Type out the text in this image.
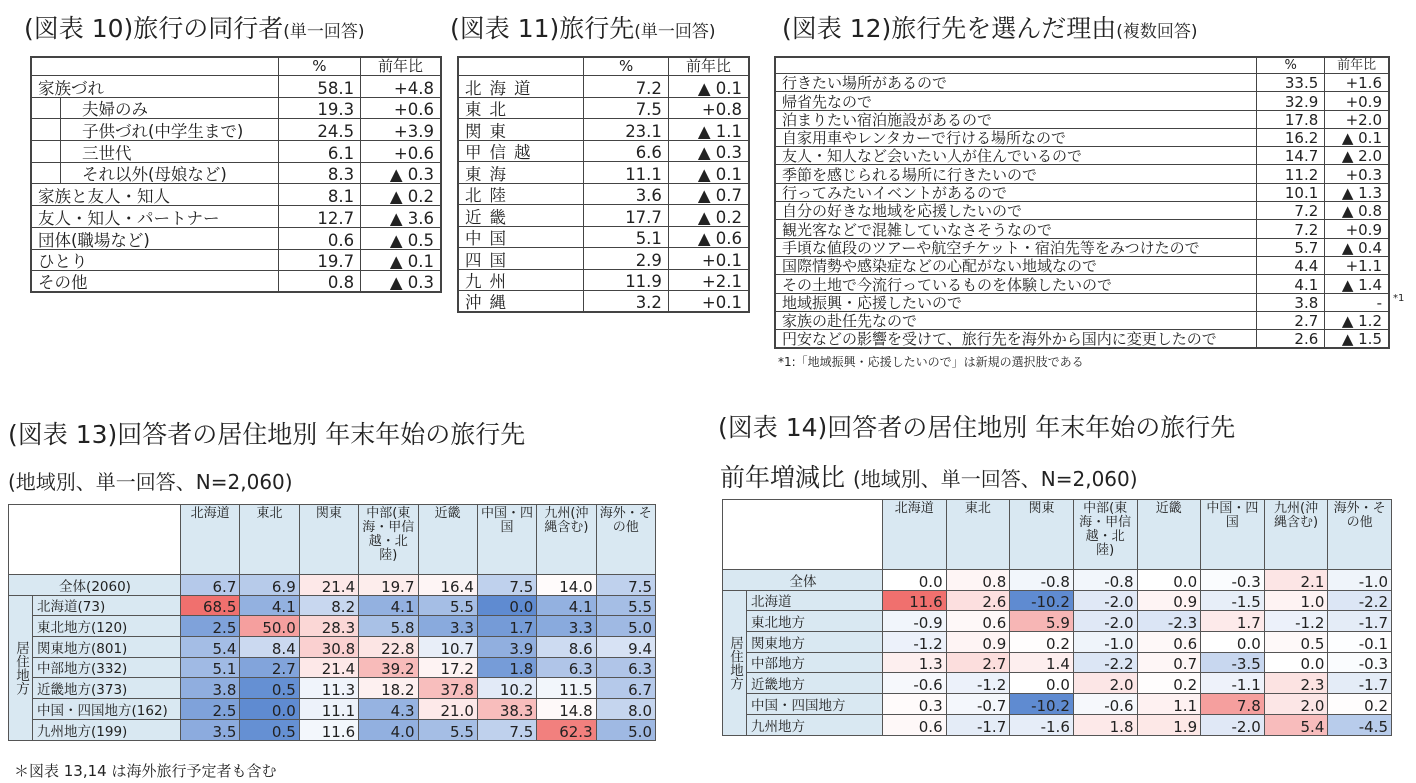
(図表 10)旅行の同行者(単一回答)	(図表 11)旅行先(単一回答)	(図表 12)旅行先を選んだ理由(複数回答)
	%	前年比
家族づれ	58.1	+4.8
夫婦のみ	19.3	+0.6
子供づれ(中学生まで)	24.5	+3.9
三世代	6.1	+0.6
それ以外(母娘など)	8.3	▲ 0.3
家族と友人・知人	8.1	▲ 0.2
友人・知人・パートナー	12.7	▲ 3.6
団体(職場など)	0.6	▲ 0.5
ひとり	19.7	▲ 0.1
その他	0.8	▲ 0.3
	%	前年比
北海道	7.2	▲ 0.1
東北	7.5	+0.8
関東	23.1	▲ 1.1
甲信越	6.6	▲ 0.3
東海	11.1	▲ 0.1
北陸	3.6	▲ 0.7
近畿	17.7	▲ 0.2
中国	5.1	▲ 0.6
四国	2.9	+0.1
九州	11.9	+2.1
沖縄	3.2	+0.1
	%	前年比
行きたい場所があるので	33.5	+1.6
帰省先なので	32.9	+0.9
泊まりたい宿泊施設があるので	17.8	+2.0
自家用車やレンタカーで行ける場所なので	16.2	▲ 0.1
友人・知人など会いたい人が住んでいるので	14.7	▲ 2.0
季節を感じられる場所に行きたいので	11.2	+0.3
行ってみたいイベントがあるので	10.1	▲ 1.3
自分の好きな地域を応援したいので	7.2	▲ 0.8
観光客などで混雑していなさそうなので	7.2	+0.9
手頃な値段のツアーや航空チケット・宿泊先等をみつけたので	5.7	▲ 0.4
国際情勢や感染症などの心配がない地域なので	4.4	+1.1
その土地で今流行っているものを体験したいので	4.1	▲ 1.4
地域振興・応援したいので	3.8	-
家族の赴任先なので	2.7	▲ 1.2
円安などの影響を受けて、旅行先を海外から国内に変更したので	2.6	▲ 1.5
*1
*1:「地域振興・応援したいので」は新規の選択肢である
(図表 13)回答者の居住地別 年末年始の旅行先
(地域別、単一回答、N=2,060)
(図表 14)回答者の居住地別 年末年始の旅行先
前年増減比 (地域別、単一回答、N=2,060)
		北海道	東北	関東	中部(東海・甲信越・北陸)	近畿	中国・四国	九州(沖縄含む)	海外・その他
全体(2060)		6.7	6.9	21.4	19.7	16.4	7.5	14.0	7.5
居住地方	北海道(73)	68.5	4.1	8.2	4.1	5.5	0.0	4.1	5.5
	東北地方(120)	2.5	50.0	28.3	5.8	3.3	1.7	3.3	5.0
	関東地方(801)	5.4	8.4	30.8	22.8	10.7	3.9	8.6	9.4
	中部地方(332)	5.1	2.7	21.4	39.2	17.2	1.8	6.3	6.3
	近畿地方(373)	3.8	0.5	11.3	18.2	37.8	10.2	11.5	6.7
	中国・四国地方(162)	2.5	0.0	11.1	4.3	21.0	38.3	14.8	8.0
	九州地方(199)	3.5	0.5	11.6	4.0	5.5	7.5	62.3	5.0
		北海道	東北	関東	中部(東海・甲信越・北陸)	近畿	中国・四国	九州(沖縄含む)	海外・その他
全体		0.0	0.8	-0.8	-0.8	0.0	-0.3	2.1	-1.0
居住地方	北海道	11.6	2.6	-10.2	-2.0	0.9	-1.5	1.0	-2.2
	東北地方	-0.9	0.6	5.9	-2.0	-2.3	1.7	-1.2	-1.7
	関東地方	-1.2	0.9	0.2	-1.0	0.6	0.0	0.5	-0.1
	中部地方	1.3	2.7	1.4	-2.2	0.7	-3.5	0.0	-0.3
	近畿地方	-0.6	-1.2	0.0	2.0	0.2	-1.1	2.3	-1.7
	中国・四国地方	0.3	-0.7	-10.2	-0.6	1.1	7.8	2.0	0.2
	九州地方	0.6	-1.7	-1.6	1.8	1.9	-2.0	5.4	-4.5
＊図表 13,14 は海外旅行予定者も含む
